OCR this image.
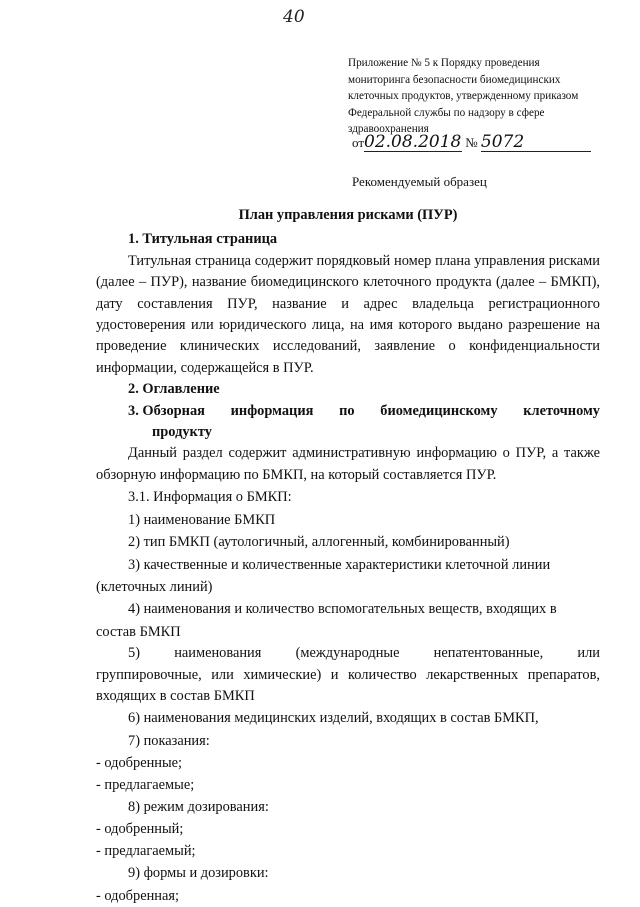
40
Приложение № 5 к Порядку проведения
мониторинга безопасности биомедицинских
клеточных продуктов, утвержденному приказом
Федеральной службы по надзору в сфере
здравоохранения
от02.08.2018 № 5072
Рекомендуемый образец
План управления рисками (ПУР)
1. Титульная страница

Титульная страница содержит порядковый номер плана управления рисками (далее – ПУР), название биомедицинского клеточного продукта (далее – БМКП), дату составления ПУР, название и адрес владельца регистрационного удостоверения или юридического лица, на имя которого выдано разрешение на проведение клинических исследований, заявление о конфиденциальности информации, содержащейся в ПУР.

2. Оглавление
3. Обзорная информация по биомедицинскому клеточному
продукту

Данный раздел содержит административную информацию о ПУР, а также обзорную информацию по БМКП, на который составляется ПУР.

3.1. Информация о БМКП:
1) наименование БМКП
2) тип БМКП (аутологичный, аллогенный, комбинированный)
3) качественные и количественные характеристики клеточной линии
(клеточных линий)
4) наименования и количество вспомогательных веществ, входящих в
состав БМКП
5) наименования (международные непатентованные, или
группировочные, или химические) и количество лекарственных препаратов, входящих в состав БМКП
6) наименования медицинских изделий, входящих в состав БМКП,
7) показания:
- одобренные;
- предлагаемые;
8) режим дозирования:
- одобренный;
- предлагаемый;
9) формы и дозировки:
- одобренная;
